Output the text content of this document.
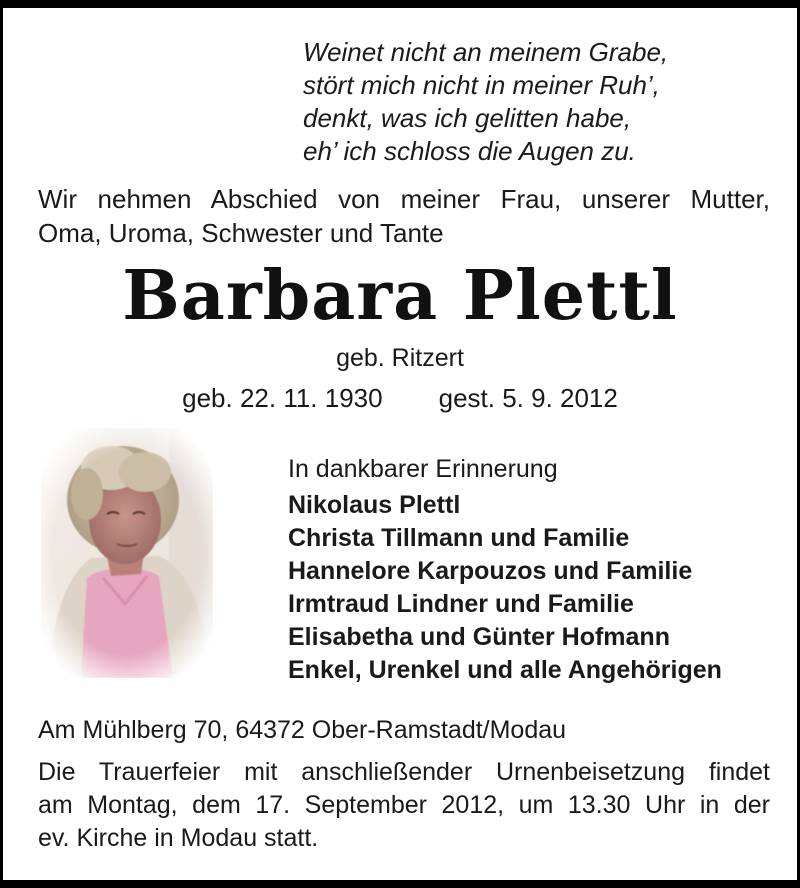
Weinet nicht an meinem Grabe,
stört mich nicht in meiner Ruh’,
denkt, was ich gelitten habe,
eh’ ich schloss die Augen zu.
Wir nehmen Abschied von meiner Frau, unserer Mutter,
Oma, Uroma, Schwester und Tante
Barbara Plettl
geb. Ritzert
geb. 22. 11. 1930 gest. 5. 9. 2012
In dankbarer Erinnerung
Nikolaus Plettl
Christa Tillmann und Familie
Hannelore Karpouzos und Familie
Irmtraud Lindner und Familie
Elisabetha und Günter Hofmann
Enkel, Urenkel und alle Angehörigen
Am Mühlberg 70, 64372 Ober-Ramstadt/Modau
Die Trauerfeier mit anschließender Urnenbeisetzung findet
am Montag, dem 17. September 2012, um 13.30 Uhr in der
ev. Kirche in Modau statt.
